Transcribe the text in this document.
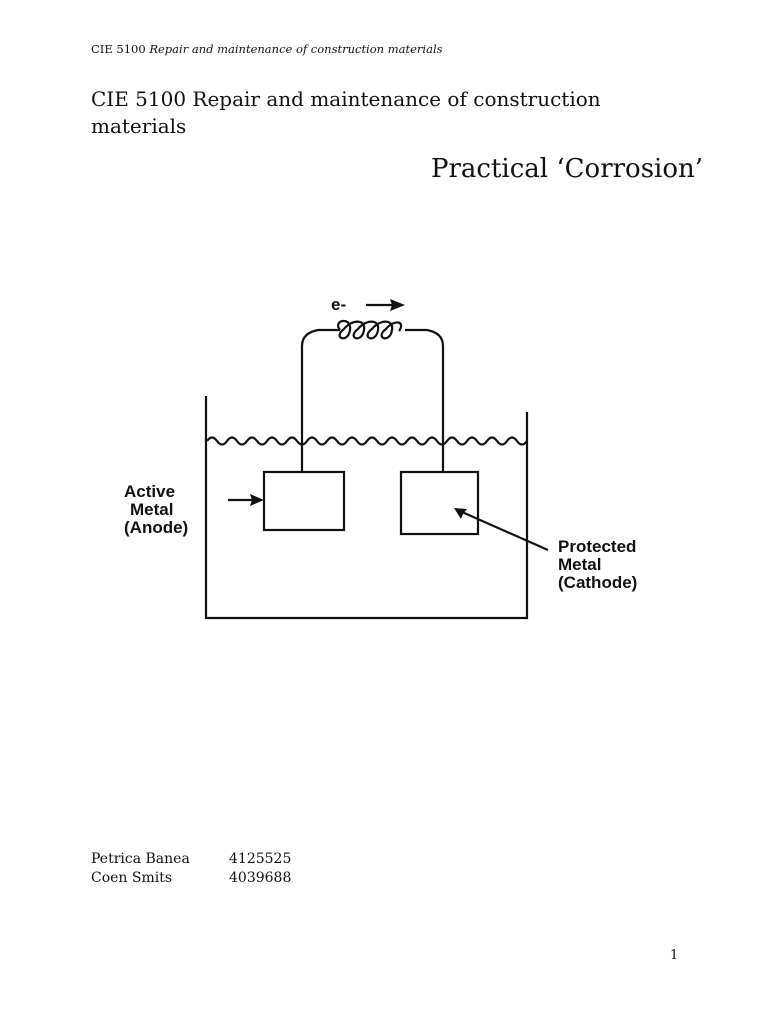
CIE 5100 Repair and maintenance of construction materials
CIE 5100 Repair and maintenance of construction materials
Practical ‘Corrosion’
e-
Active
Metal
(Anode)
Protected
Metal
(Cathode)
Petrica Banea	4125525
Coen Smits	4039688
1
